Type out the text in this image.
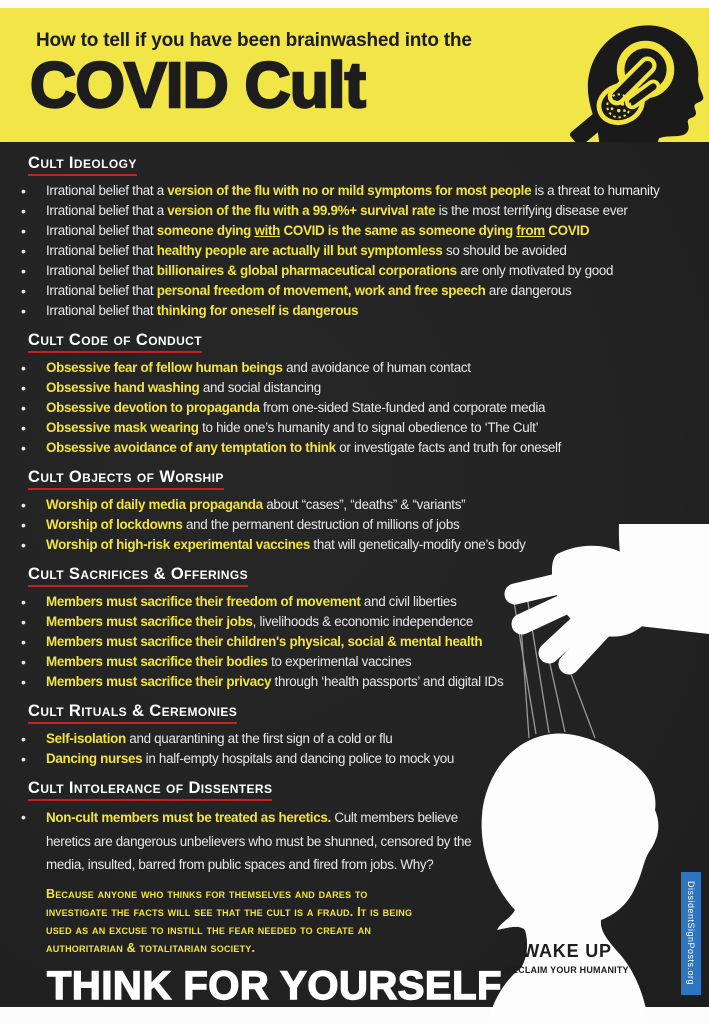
How to tell if you have been brainwashed into the
COVID Cult
Cult Ideology
• Irrational belief that a version of the flu with no or mild symptoms for most people is a threat to humanity
• Irrational belief that a version of the flu with a 99.9%+ survival rate is the most terrifying disease ever
• Irrational belief that someone dying with COVID is the same as someone dying from COVID
• Irrational belief that healthy people are actually ill but symptomless so should be avoided
• Irrational belief that billionaires & global pharmaceutical corporations are only motivated by good
• Irrational belief that personal freedom of movement, work and free speech are dangerous
• Irrational belief that thinking for oneself is dangerous
Cult Code of Conduct
• Obsessive fear of fellow human beings and avoidance of human contact
• Obsessive hand washing and social distancing
• Obsessive devotion to propaganda from one-sided State-funded and corporate media
• Obsessive mask wearing to hide one’s humanity and to signal obedience to ‘The Cult’
• Obsessive avoidance of any temptation to think or investigate facts and truth for oneself
Cult Objects of Worship
• Worship of daily media propaganda about “cases”, “deaths” & “variants”
• Worship of lockdowns and the permanent destruction of millions of jobs
• Worship of high-risk experimental vaccines that will genetically-modify one’s body
Cult Sacrifices & Offerings
• Members must sacrifice their freedom of movement and civil liberties
• Members must sacrifice their jobs, livelihoods & economic independence
• Members must sacrifice their children's physical, social & mental health
• Members must sacrifice their bodies to experimental vaccines
• Members must sacrifice their privacy through ‘health passports’ and digital IDs
Cult Rituals & Ceremonies
• Self-isolation and quarantining at the first sign of a cold or flu
• Dancing nurses in half-empty hospitals and dancing police to mock you
Cult Intolerance of Dissenters
• Non-cult members must be treated as heretics. Cult members believe heretics are dangerous unbelievers who must be shunned, censored by the media, insulted, barred from public spaces and fired from jobs. Why?
Because anyone who thinks for themselves and dares to investigate the facts will see that the cult is a fraud. It is being used as an excuse to instill the fear needed to create an authoritarian & totalitarian society.
THINK FOR YOURSELF
WAKE UP
RECLAIM YOUR HUMANITY	DissidentSignPosts.org
